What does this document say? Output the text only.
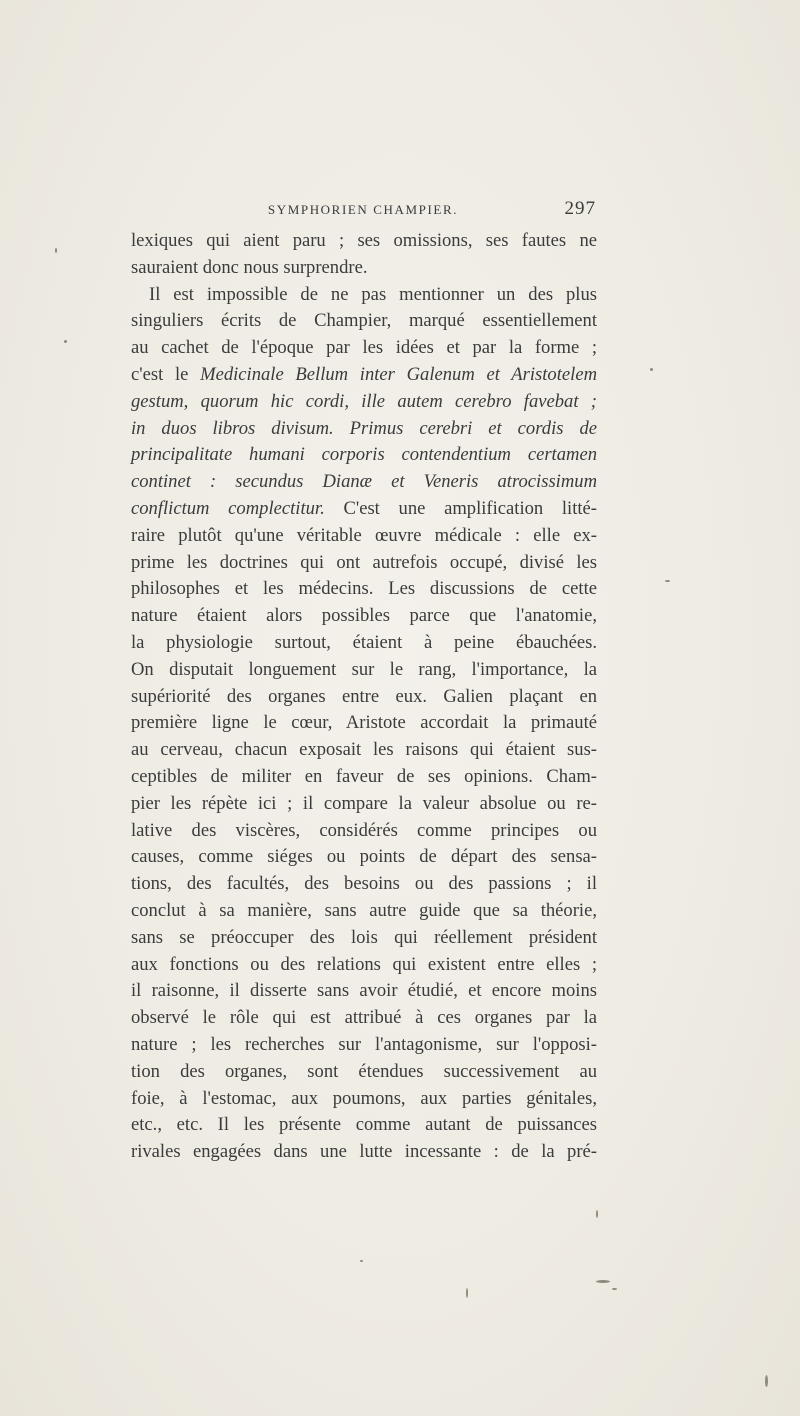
SYMPHORIEN CHAMPIER.	297
lexiques qui aient paru ; ses omissions, ses fautes ne
sauraient donc nous surprendre.
Il est impossible de ne pas mentionner un des plus
singuliers écrits de Champier, marqué essentiellement
au cachet de l'époque par les idées et par la forme ;
c'est le Medicinale Bellum inter Galenum et Aristotelem
gestum, quorum hic cordi, ille autem cerebro favebat ;
in duos libros divisum. Primus cerebri et cordis de
principalitate humani corporis contendentium certamen
continet : secundus Dianæ et Veneris atrocissimum
conflictum complectitur. C'est une amplification litté-
raire plutôt qu'une véritable œuvre médicale : elle ex-
prime les doctrines qui ont autrefois occupé, divisé les
philosophes et les médecins. Les discussions de cette
nature étaient alors possibles parce que l'anatomie,
la physiologie surtout, étaient à peine ébauchées.
On disputait longuement sur le rang, l'importance, la
supériorité des organes entre eux. Galien plaçant en
première ligne le cœur, Aristote accordait la primauté
au cerveau, chacun exposait les raisons qui étaient sus-
ceptibles de militer en faveur de ses opinions. Cham-
pier les répète ici ; il compare la valeur absolue ou re-
lative des viscères, considérés comme principes ou
causes, comme siéges ou points de départ des sensa-
tions, des facultés, des besoins ou des passions ; il
conclut à sa manière, sans autre guide que sa théorie,
sans se préoccuper des lois qui réellement président
aux fonctions ou des relations qui existent entre elles ;
il raisonne, il disserte sans avoir étudié, et encore moins
observé le rôle qui est attribué à ces organes par la
nature ; les recherches sur l'antagonisme, sur l'opposi-
tion des organes, sont étendues successivement au
foie, à l'estomac, aux poumons, aux parties génitales,
etc., etc. Il les présente comme autant de puissances
rivales engagées dans une lutte incessante : de la pré-
